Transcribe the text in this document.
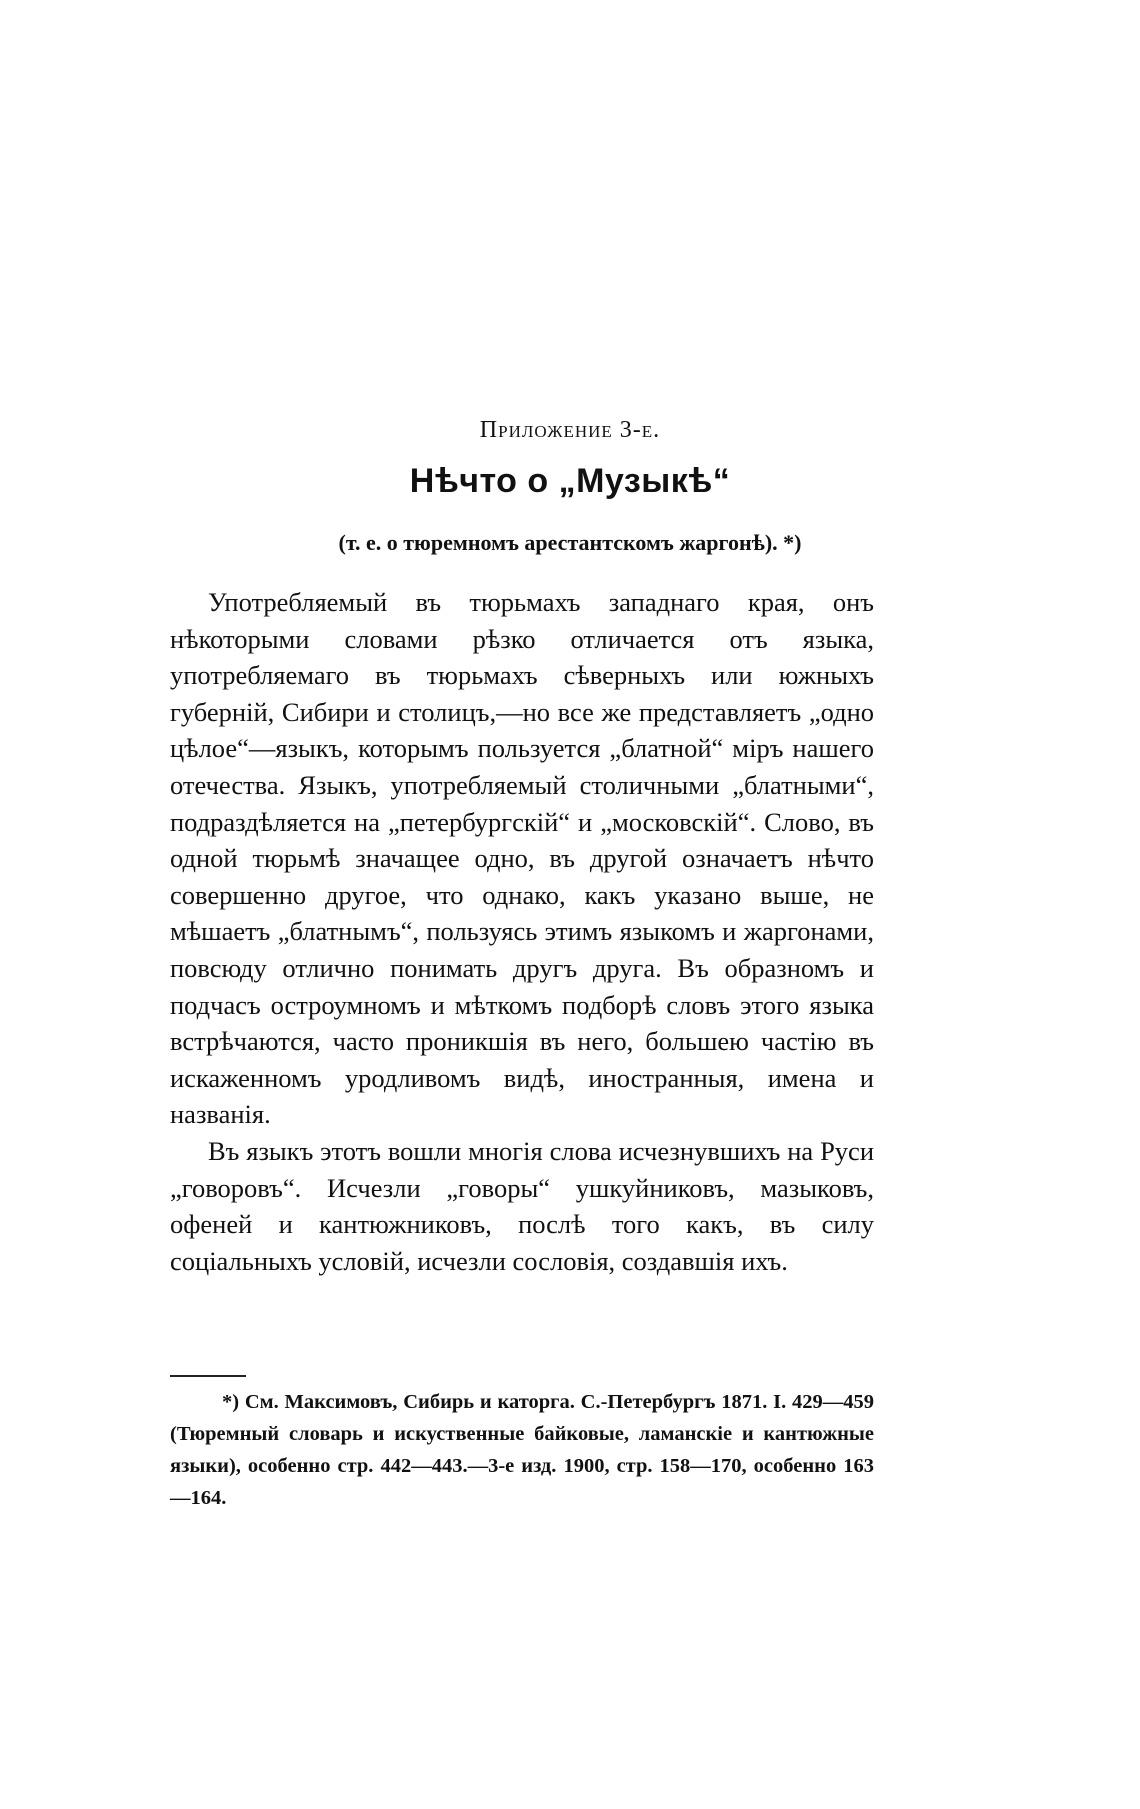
Приложение 3-е.
Нѣчто о „Музыкѣ“
(т. е. о тюремномъ арестантскомъ жаргонѣ). *)

Употребляемый въ тюрьмахъ западнаго края, онъ нѣкоторыми словами рѣзко отличается отъ языка, употребляемаго въ тюрьмахъ сѣверныхъ или южныхъ губерній, Сибири и столицъ,—но все же представляетъ „одно цѣлое“—языкъ, которымъ пользуется „блатной“ міръ нашего отечества. Языкъ, употребляемый столичными „блатными“, подраздѣляется на „петербургскій“ и „московскій“. Слово, въ одной тюрьмѣ значащее одно, въ другой означаетъ нѣчто совершенно другое, что однако, какъ указано выше, не мѣшаетъ „блатнымъ“, пользуясь этимъ языкомъ и жаргонами, повсюду отлично понимать другъ друга. Въ образномъ и подчасъ остроумномъ и мѣткомъ подборѣ словъ этого языка встрѣчаются, часто проникшія въ него, большею частію въ искаженномъ уродливомъ видѣ, иностранныя, имена и названія.

Въ языкъ этотъ вошли многія слова исчезнувшихъ на Руси „говоровъ“. Исчезли „говоры“ ушкуйниковъ, мазыковъ, офеней и кантюжниковъ, послѣ того какъ, въ силу соціальныхъ условій, исчезли сословія, создавшія ихъ.

*) См. Максимовъ, Сибирь и каторга. С.-Петербургъ 1871. I. 429—459 (Тюремный словарь и искуственные байковые, ламанскіе и кантюжные языки), особенно стр. 442—443.—3-е изд. 1900, стр. 158—170, особенно 163—164.
